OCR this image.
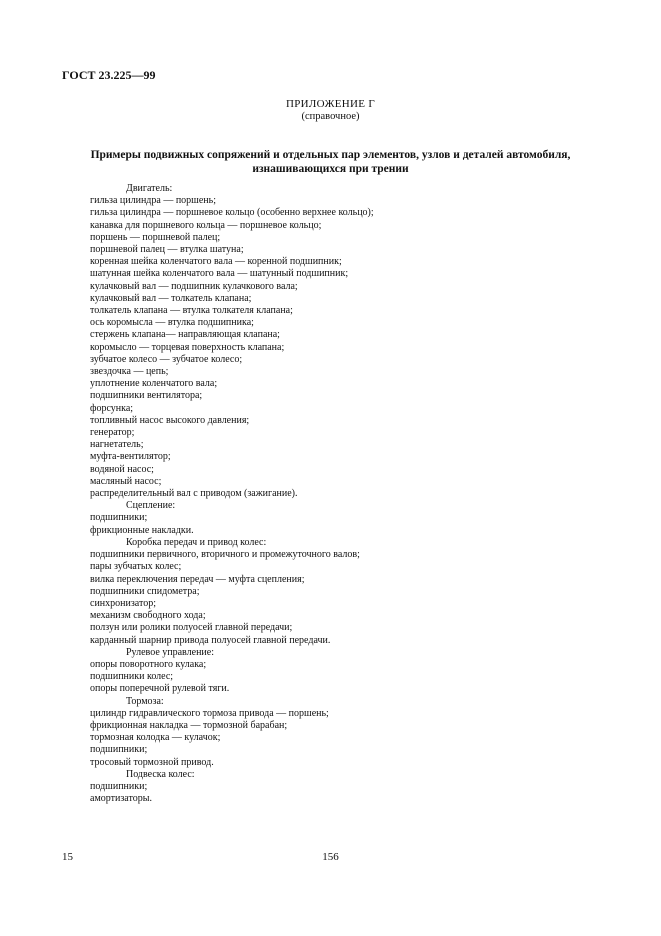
ГОСТ 23.225—99
ПРИЛОЖЕНИЕ Г
(справочное)
Примеры подвижных сопряжений и отдельных пар элементов, узлов и деталей автомобиля, изнашивающихся при трении
Двигатель:
гильза цилиндра — поршень;
гильза цилиндра — поршневое кольцо (особенно верхнее кольцо);
канавка для поршневого кольца — поршневое кольцо;
поршень — поршневой палец;
поршневой палец — втулка шатуна;
коренная шейка коленчатого вала — коренной подшипник;
шатунная шейка коленчатого вала — шатунный подшипник;
кулачковый вал — подшипник кулачкового вала;
кулачковый вал — толкатель клапана;
толкатель клапана — втулка толкателя клапана;
ось коромысла — втулка подшипника;
стержень клапана— направляющая клапана;
коромысло — торцевая поверхность клапана;
зубчатое колесо — зубчатое колесо;
звездочка — цепь;
уплотнение коленчатого вала;
подшипники вентилятора;
форсунка;
топливный насос высокого давления;
генератор;
нагнетатель;
муфта-вентилятор;
водяной насос;
масляный насос;
распределительный вал с приводом (зажигание).
Сцепление:
подшипники;
фрикционные накладки.
Коробка передач и привод колес:
подшипники первичного, вторичного и промежуточного валов;
пары зубчатых колес;
вилка переключения передач — муфта сцепления;
подшипники спидометра;
синхронизатор;
механизм свободного хода;
ползун или ролики полуосей главной передачи;
карданный шарнир привода полуосей главной передачи.
Рулевое управление:
опоры поворотного кулака;
подшипники колес;
опоры поперечной рулевой тяги.
Тормоза:
цилиндр гидравлического тормоза привода — поршень;
фрикционная накладка — тормозной барабан;
тормозная колодка — кулачок;
подшипники;
тросовый тормозной привод.
Подвеска колес:
подшипники;
амортизаторы.
15	156
